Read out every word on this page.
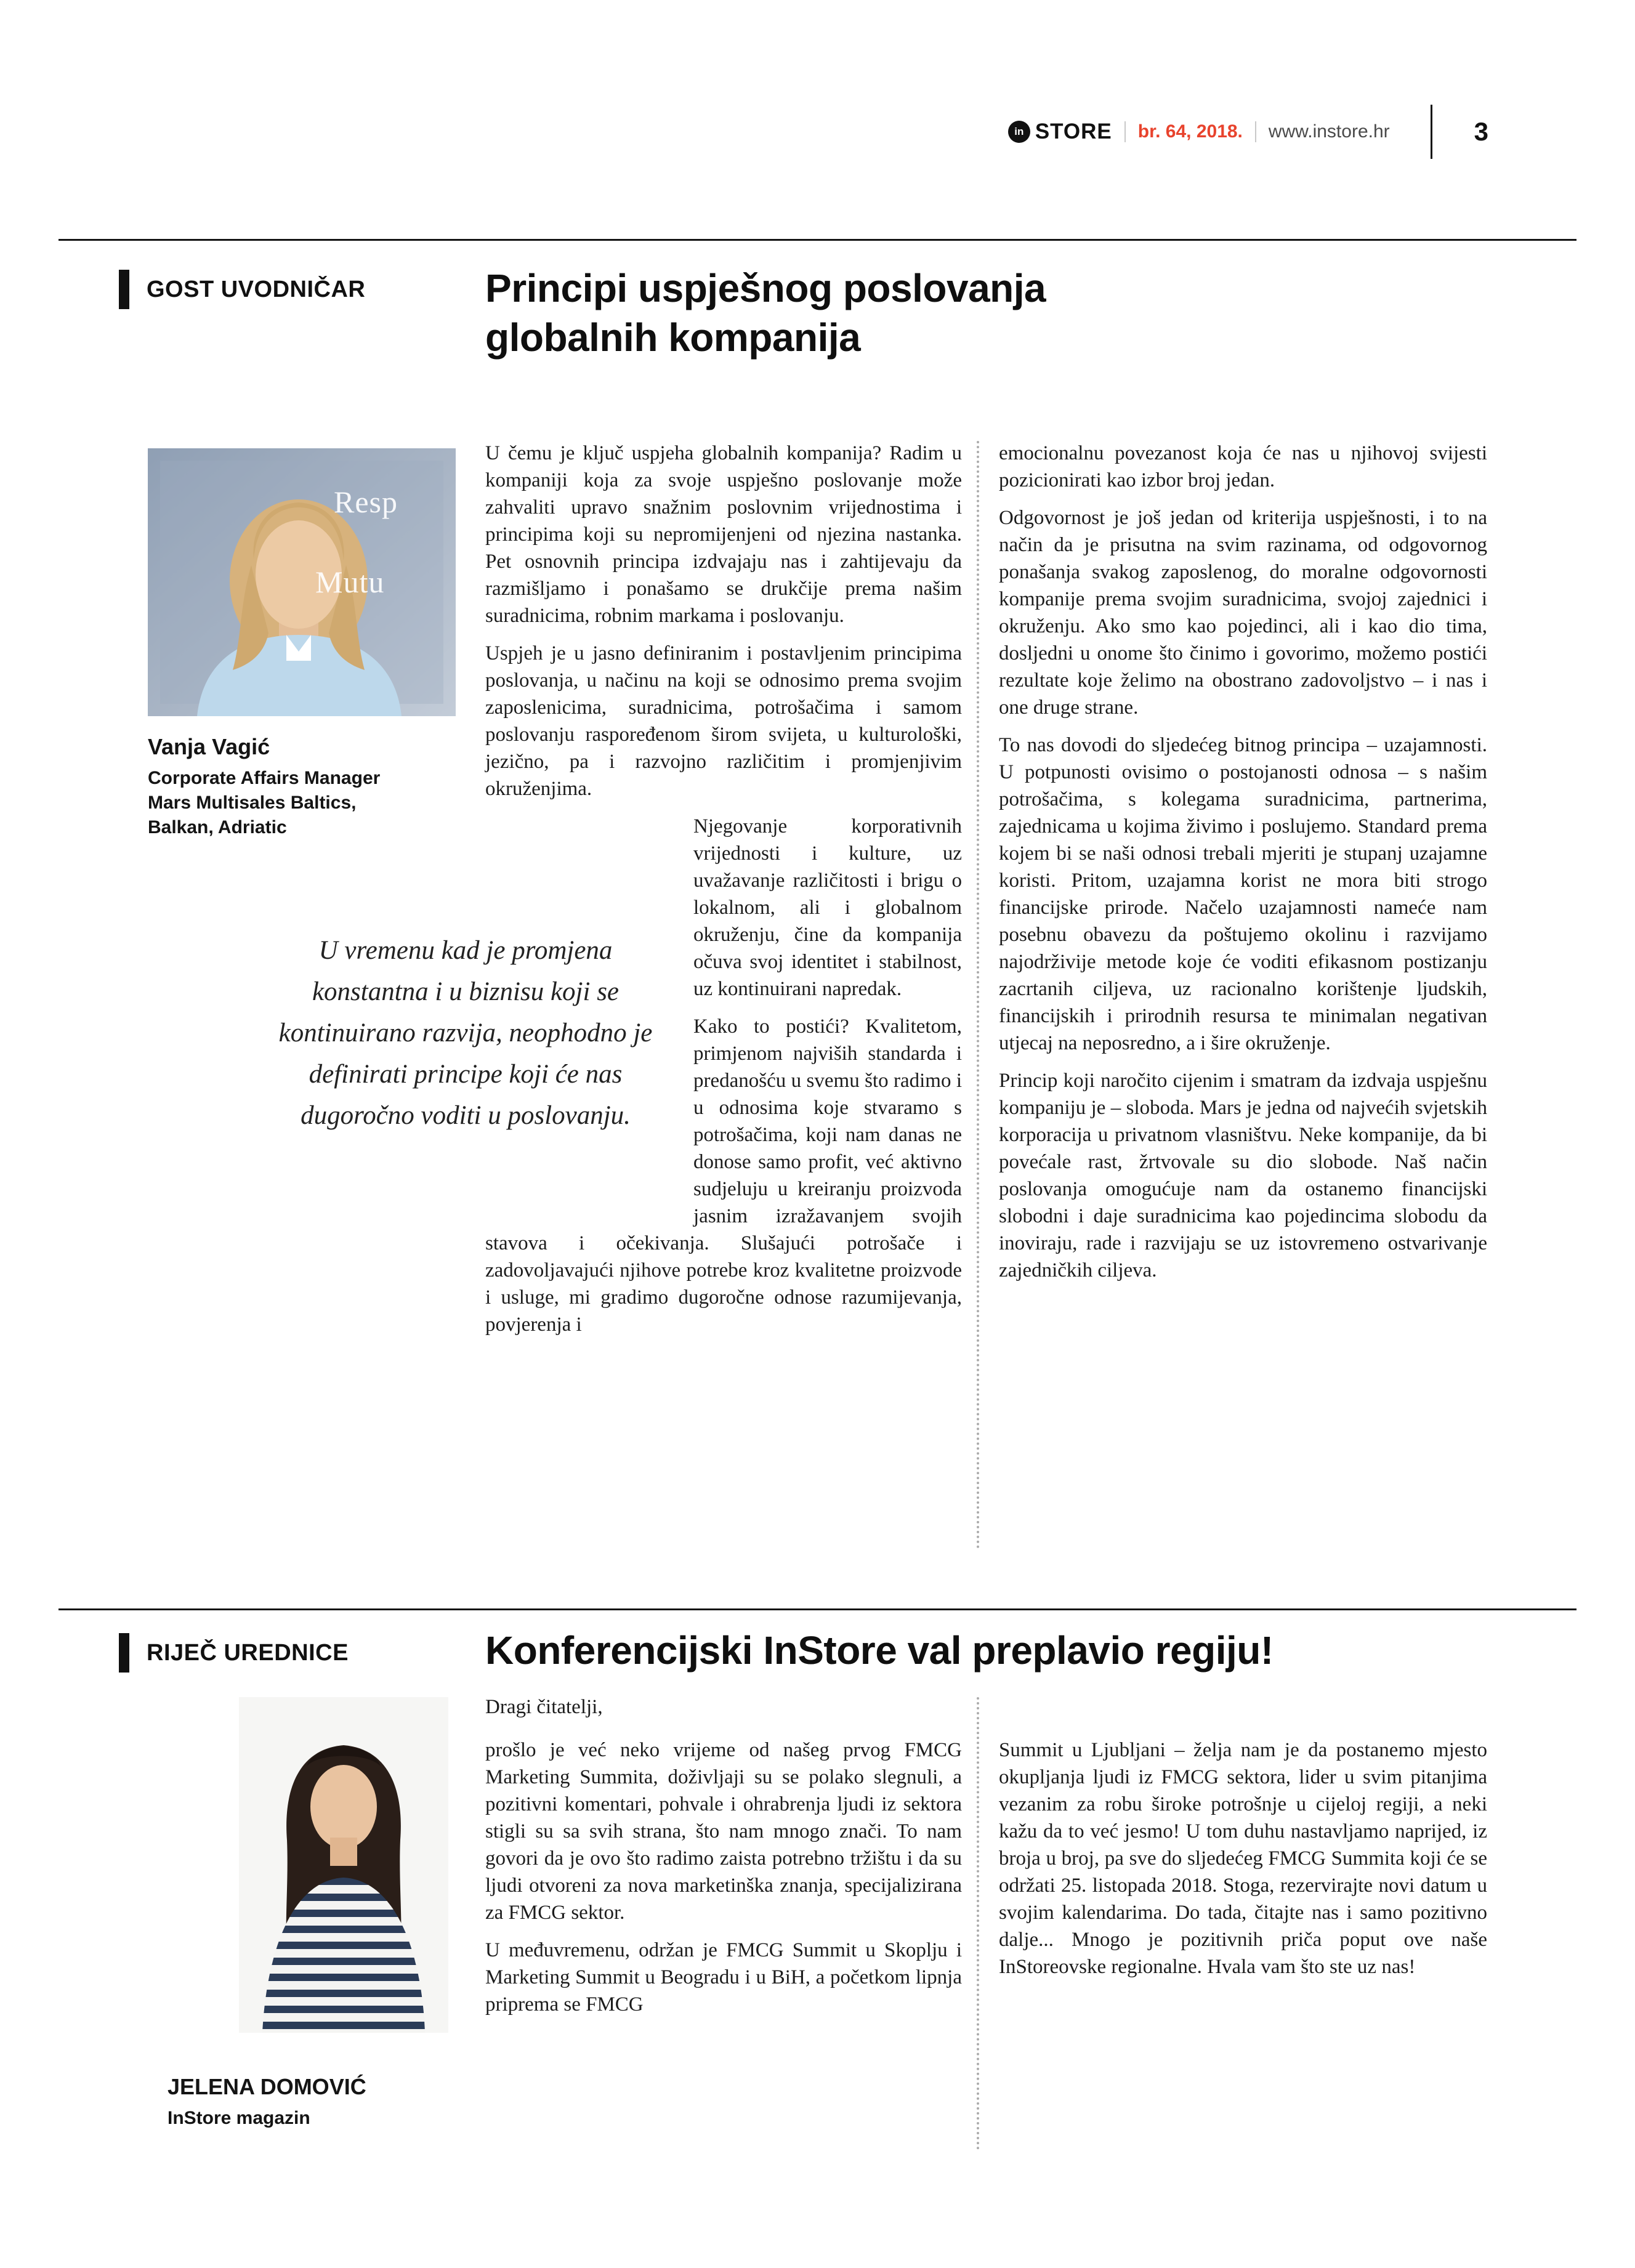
in STORE br. 64, 2018. www.instore.hr	3
GOST UVODNIČAR	Principi uspješnog poslovanja
globalnih kompanija
Resp
Mutu
Vanja Vagić
Corporate Affairs Manager
Mars Multisales Baltics,
Balkan, Adriatic

U čemu je ključ uspjeha globalnih kompanija? Radim u kompaniji koja za svoje uspješno poslovanje može zahvaliti upravo snažnim poslovnim vrijednostima i principima koji su nepromijenjeni od njezina nastanka. Pet osnovnih principa izdvajaju nas i zahtijevaju da razmišljamo i ponašamo se drukčije prema našim suradnicima, robnim markama i poslovanju.

Uspjeh je u jasno definiranim i postavljenim principima poslovanja, u načinu na koji se odnosimo prema svojim zaposlenicima, suradnicima, potrošačima i samom poslovanju raspoređenom širom svijeta, u kulturološki, jezično, pa i razvojno različitim i promjenjivim okruženjima.

U vremenu kad je promjena konstantna i u biznisu koji se kontinuirano razvija, neophodno je definirati principe koji će nas dugoročno voditi u poslovanju.

Njegovanje korporativnih vrijednosti i kulture, uz uvažavanje različitosti i brigu o lokalnom, ali i globalnom okruženju, čine da kompanija očuva svoj identitet i stabilnost, uz kontinuirani napredak.

Kako to postići? Kvalitetom, primjenom najviših standarda i predanošću u svemu što radimo i u odnosima koje stvaramo s potrošačima, koji nam danas ne donose samo profit, već aktivno sudjeluju u kreiranju proizvoda jasnim izražavanjem svojih stavova i očekivanja. Slušajući potrošače i zadovoljavajući njihove potrebe kroz kvalitetne proizvode i usluge, mi gradimo dugoročne odnose razumijevanja, povjerenja i

emocionalnu povezanost koja će nas u njihovoj svijesti pozicionirati kao izbor broj jedan.

Odgovornost je još jedan od kriterija uspješnosti, i to na način da je prisutna na svim razinama, od odgovornog ponašanja svakog zaposlenog, do moralne odgovornosti kompanije prema svojim suradnicima, svojoj zajednici i okruženju. Ako smo kao pojedinci, ali i kao dio tima, dosljedni u onome što činimo i govorimo, možemo postići rezultate koje želimo na obostrano zadovoljstvo – i nas i one druge strane.

To nas dovodi do sljedećeg bitnog principa – uzajamnosti. U potpunosti ovisimo o postojanosti odnosa – s našim potrošačima, s kolegama suradnicima, partnerima, zajednicama u kojima živimo i poslujemo. Standard prema kojem bi se naši odnosi trebali mjeriti je stupanj uzajamne koristi. Pritom, uzajamna korist ne mora biti strogo financijske prirode. Načelo uzajamnosti nameće nam posebnu obavezu da poštujemo okolinu i razvijamo najodrživije metode koje će voditi efikasnom postizanju zacrtanih ciljeva, uz racionalno korištenje ljudskih, financijskih i prirodnih resursa te minimalan negativan utjecaj na neposredno, a i šire okruženje.

Princip koji naročito cijenim i smatram da izdvaja uspješnu kompaniju je – sloboda. Mars je jedna od najvećih svjetskih korporacija u privatnom vlasništvu. Neke kompanije, da bi povećale rast, žrtvovale su dio slobode. Naš način poslovanja omogućuje nam da ostanemo financijski slobodni i daje suradnicima kao pojedincima slobodu da inoviraju, rade i razvijaju se uz istovremeno ostvarivanje zajedničkih ciljeva.

RIJEČ UREDNICE	Konferencijski InStore val preplavio regiju!
JELENA DOMOVIĆ
InStore magazin

Dragi čitatelji,

prošlo je već neko vrijeme od našeg prvog FMCG Marketing Summita, doživljaji su se polako slegnuli, a pozitivni komentari, pohvale i ohrabrenja ljudi iz sektora stigli su sa svih strana, što nam mnogo znači. To nam govori da je ovo što radimo zaista potrebno tržištu i da su ljudi otvoreni za nova marketinška znanja, specijalizirana za FMCG sektor.

U međuvremenu, održan je FMCG Summit u Skoplju i Marketing Summit u Beogradu i u BiH, a početkom lipnja priprema se FMCG

Summit u Ljubljani – želja nam je da postanemo mjesto okupljanja ljudi iz FMCG sektora, lider u svim pitanjima vezanim za robu široke potrošnje u cijeloj regiji, a neki kažu da to već jesmo! U tom duhu nastavljamo naprijed, iz broja u broj, pa sve do sljedećeg FMCG Summita koji će se održati 25. listopada 2018. Stoga, rezervirajte novi datum u svojim kalendarima. Do tada, čitajte nas i samo pozitivno dalje... Mnogo je pozitivnih priča poput ove naše InStoreovske regionalne. Hvala vam što ste uz nas!
